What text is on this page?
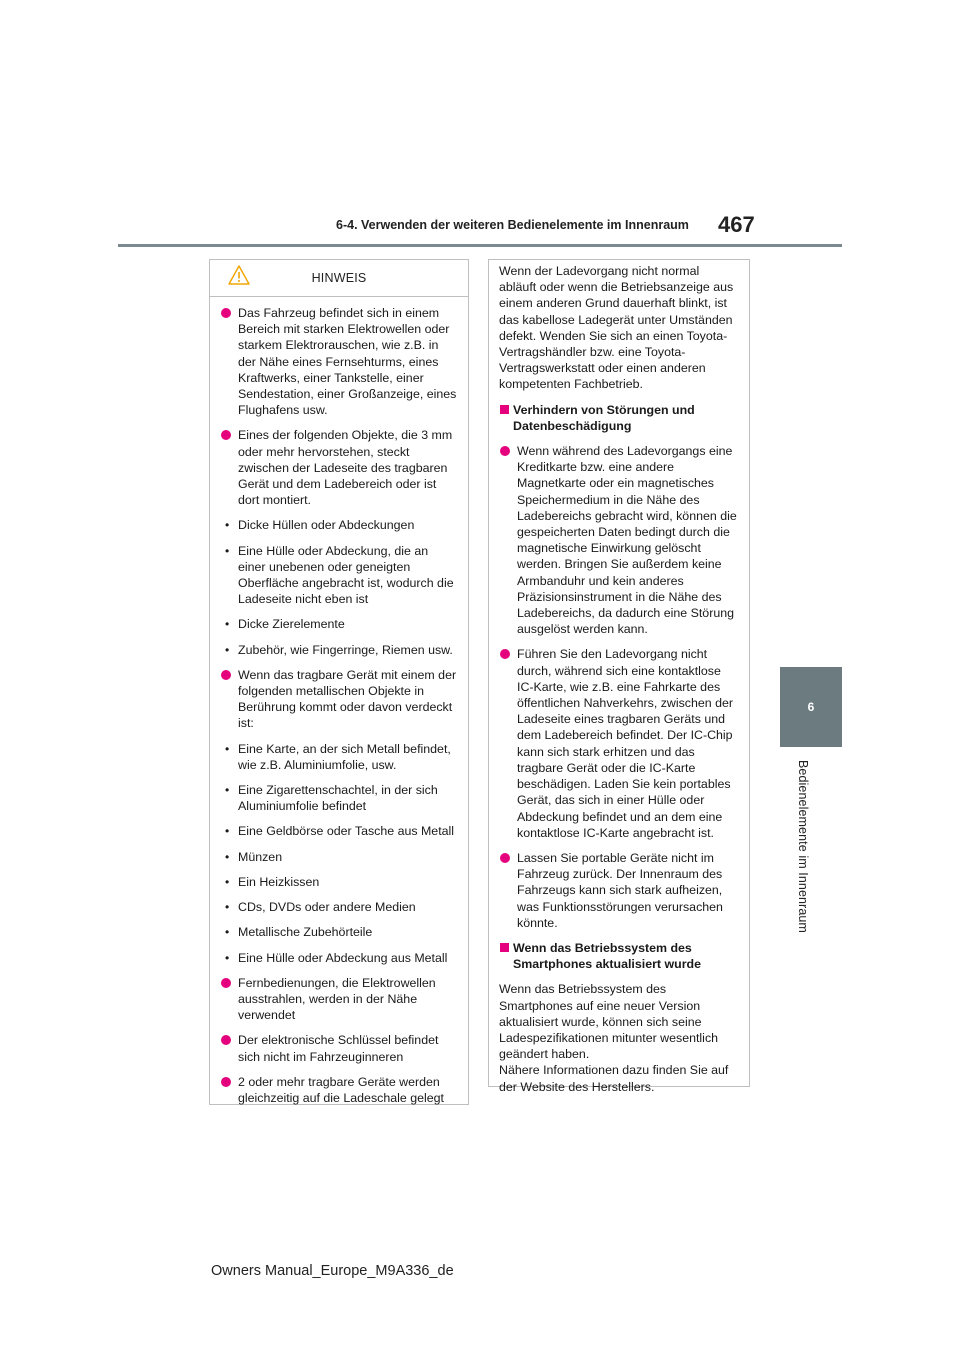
6-4. Verwenden der weiteren Bedienelemente im Innenraum 467
6
Bedienelemente im Innenraum
HINWEIS
Das Fahrzeug befindet sich in einem Bereich mit starken Elektrowellen oder starkem Elektrorauschen, wie z.B. in der Nähe eines Fernsehturms, eines Kraftwerks, einer Tankstelle, einer Sendestation, einer Großanzeige, eines Flughafens usw.
Eines der folgenden Objekte, die 3 mm oder mehr hervorstehen, steckt zwischen der Ladeseite des tragbaren Gerät und dem Ladebereich oder ist dort montiert.
• Dicke Hüllen oder Abdeckungen
• Eine Hülle oder Abdeckung, die an einer unebenen oder geneigten Oberfläche angebracht ist, wodurch die Ladeseite nicht eben ist
• Dicke Zierelemente
• Zubehör, wie Fingerringe, Riemen usw.
Wenn das tragbare Gerät mit einem der folgenden metallischen Objekte in Berührung kommt oder davon verdeckt ist:
• Eine Karte, an der sich Metall befindet, wie z.B. Aluminiumfolie, usw.
• Eine Zigarettenschachtel, in der sich Aluminiumfolie befindet
• Eine Geldbörse oder Tasche aus Metall
• Münzen
• Ein Heizkissen
• CDs, DVDs oder andere Medien
• Metallische Zubehörteile
• Eine Hülle oder Abdeckung aus Metall
Fernbedienungen, die Elektrowellen ausstrahlen, werden in der Nähe verwendet
Der elektronische Schlüssel befindet sich nicht im Fahrzeuginneren
2 oder mehr tragbare Geräte werden gleichzeitig auf die Ladeschale gelegt
Wenn der Ladevorgang nicht normal abläuft oder wenn die Betriebsanzeige aus einem anderen Grund dauerhaft blinkt, ist das kabellose Ladegerät unter Umständen defekt. Wenden Sie sich an einen Toyota-Vertragshändler bzw. eine Toyota-Vertragswerkstatt oder einen anderen kompetenten Fachbetrieb.
Verhindern von Störungen und Datenbeschädigung
Wenn während des Ladevorgangs eine Kreditkarte bzw. eine andere Magnetkarte oder ein magnetisches Speichermedium in die Nähe des Ladebereichs gebracht wird, können die gespeicherten Daten bedingt durch die magnetische Einwirkung gelöscht werden. Bringen Sie außerdem keine Armbanduhr und kein anderes Präzisionsinstrument in die Nähe des Ladebereichs, da dadurch eine Störung ausgelöst werden kann.
Führen Sie den Ladevorgang nicht durch, während sich eine kontaktlose IC-Karte, wie z.B. eine Fahrkarte des öffentlichen Nahverkehrs, zwischen der Ladeseite eines tragbaren Geräts und dem Ladebereich befindet. Der IC-Chip kann sich stark erhitzen und das tragbare Gerät oder die IC-Karte beschädigen. Laden Sie kein portables Gerät, das sich in einer Hülle oder Abdeckung befindet und an dem eine kontaktlose IC-Karte angebracht ist.
Lassen Sie portable Geräte nicht im Fahrzeug zurück. Der Innenraum des Fahrzeugs kann sich stark aufheizen, was Funktionsstörungen verursachen könnte.
Wenn das Betriebssystem des Smartphones aktualisiert wurde
Wenn das Betriebssystem des Smartphones auf eine neuer Version aktualisiert wurde, können sich seine Ladespezifikationen mitunter wesentlich geändert haben.
Nähere Informationen dazu finden Sie auf der Website des Herstellers.
Owners Manual_Europe_M9A336_de
